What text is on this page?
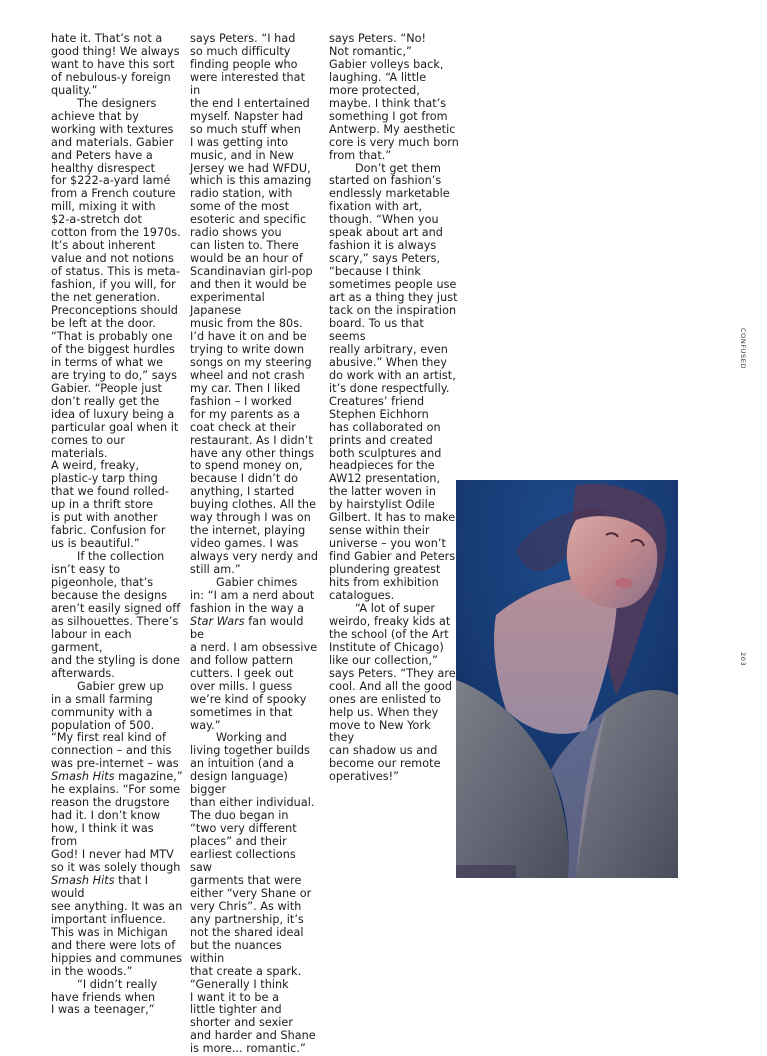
hate it. That’s not a

good thing! We always

want to have this sort

of nebulous-y foreign

quality.”

The designers

achieve that by

working with textures

and materials. Gabier

and Peters have a

healthy disrespect

for $222-a-yard lamé

from a French couture

mill, mixing it with

$2-a-stretch dot

cotton from the 1970s.

It’s about inherent

value and not notions

of status. This is meta-

fashion, if you will, for

the net generation.

Preconceptions should

be left at the door.

“That is probably one

of the biggest hurdles

in terms of what we

are trying to do,” says

Gabier. “People just

don’t really get the

idea of luxury being a

particular goal when it

comes to our materials.

A weird, freaky,

plastic-y tarp thing

that we found rolled-

up in a thrift store

is put with another

fabric. Confusion for

us is beautiful.”

If the collection

isn’t easy to

pigeonhole, that’s

because the designs

aren’t easily signed off

as silhouettes. There’s

labour in each garment,

and the styling is done

afterwards.

Gabier grew up

in a small farming

community with a

population of 500.

“My first real kind of

connection – and this

was pre-internet – was

Smash Hits magazine,”

he explains. “For some

reason the drugstore

had it. I don’t know

how, I think it was from

God! I never had MTV

so it was solely though

Smash Hits that I would

see anything. It was an

important influence.

This was in Michigan

and there were lots of

hippies and communes

in the woods.”

“I didn’t really

have friends when

I was a teenager,”

says Peters. “I had

so much difficulty

finding people who

were interested that in

the end I entertained

myself. Napster had

so much stuff when

I was getting into

music, and in New

Jersey we had WFDU,

which is this amazing

radio station, with

some of the most

esoteric and specific

radio shows you

can listen to. There

would be an hour of

Scandinavian girl-pop

and then it would be

experimental Japanese

music from the 80s.

I’d have it on and be

trying to write down

songs on my steering

wheel and not crash

my car. Then I liked

fashion – I worked

for my parents as a

coat check at their

restaurant. As I didn’t

have any other things

to spend money on,

because I didn’t do

anything, I started

buying clothes. All the

way through I was on

the internet, playing

video games. I was

always very nerdy and

still am.”

Gabier chimes

in: “I am a nerd about

fashion in the way a

Star Wars fan would be

a nerd. I am obsessive

and follow pattern

cutters. I geek out

over mills. I guess

we’re kind of spooky

sometimes in that way.”

Working and

living together builds

an intuition (and a

design language) bigger

than either individual.

The duo began in

“two very different

places” and their

earliest collections saw

garments that were

either “very Shane or

very Chris”. As with

any partnership, it’s

not the shared ideal

but the nuances within

that create a spark.

“Generally I think

I want it to be a

little tighter and

shorter and sexier

and harder and Shane

is more... romantic.”

says Peters. “No!

Not romantic,”

Gabier volleys back,

laughing. “A little

more protected,

maybe. I think that’s

something I got from

Antwerp. My aesthetic

core is very much born

from that.”

Don’t get them

started on fashion’s

endlessly marketable

fixation with art,

though. “When you

speak about art and

fashion it is always

scary,” says Peters,

“because I think

sometimes people use

art as a thing they just

tack on the inspiration

board. To us that seems

really arbitrary, even

abusive.” When they

do work with an artist,

it’s done respectfully.

Creatures’ friend

Stephen Eichhorn

has collaborated on

prints and created

both sculptures and

headpieces for the

AW12 presentation,

the latter woven in

by hairstylist Odile

Gilbert. It has to make

sense within their

universe – you won’t

find Gabier and Peters

plundering greatest

hits from exhibition

catalogues.

“A lot of super

weirdo, freaky kids at

the school (of the Art

Institute of Chicago)

like our collection,”

says Peters. “They are

cool. And all the good

ones are enlisted to

help us. When they

move to New York they

can shadow us and

become our remote

operatives!”

CONFUSED
203
